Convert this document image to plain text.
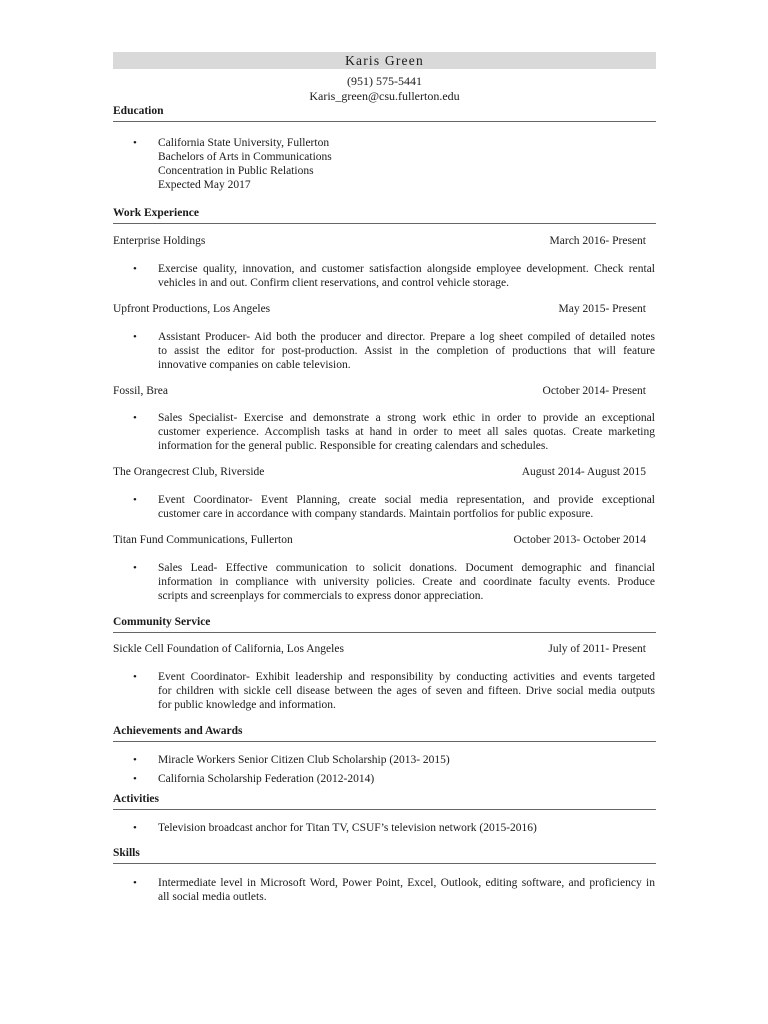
Karis Green
(951) 575-5441
Karis_green@csu.fullerton.edu
Education
•	California State University, Fullerton
Bachelors of Arts in Communications
Concentration in Public Relations
Expected May 2017
Work Experience
Enterprise Holdings	March 2016- Present
•	Exercise quality, innovation, and customer satisfaction alongside employee development. Check rental
vehicles in and out. Confirm client reservations, and control vehicle storage.
Upfront Productions, Los Angeles	May 2015- Present
•	Assistant Producer- Aid both the producer and director. Prepare a log sheet compiled of detailed notes
to assist the editor for post-production. Assist in the completion of productions that will feature
innovative companies on cable television.
Fossil, Brea	October 2014- Present
•	Sales Specialist- Exercise and demonstrate a strong work ethic in order to provide an exceptional
customer experience. Accomplish tasks at hand in order to meet all sales quotas. Create marketing
information for the general public. Responsible for creating calendars and schedules.
The Orangecrest Club, Riverside	August 2014- August 2015
•	Event Coordinator- Event Planning, create social media representation, and provide exceptional
customer care in accordance with company standards. Maintain portfolios for public exposure.
Titan Fund Communications, Fullerton	October 2013- October 2014
•	Sales Lead- Effective communication to solicit donations. Document demographic and financial
information in compliance with university policies. Create and coordinate faculty events. Produce
scripts and screenplays for commercials to express donor appreciation.
Community Service
Sickle Cell Foundation of California, Los Angeles	July of 2011- Present
•	Event Coordinator- Exhibit leadership and responsibility by conducting activities and events targeted
for children with sickle cell disease between the ages of seven and fifteen. Drive social media outputs
for public knowledge and information.
Achievements and Awards
•	Miracle Workers Senior Citizen Club Scholarship (2013- 2015)
•	California Scholarship Federation (2012-2014)
Activities
•	Television broadcast anchor for Titan TV, CSUF’s television network (2015-2016)
Skills
•	Intermediate level in Microsoft Word, Power Point, Excel, Outlook, editing software, and proficiency in
all social media outlets.
